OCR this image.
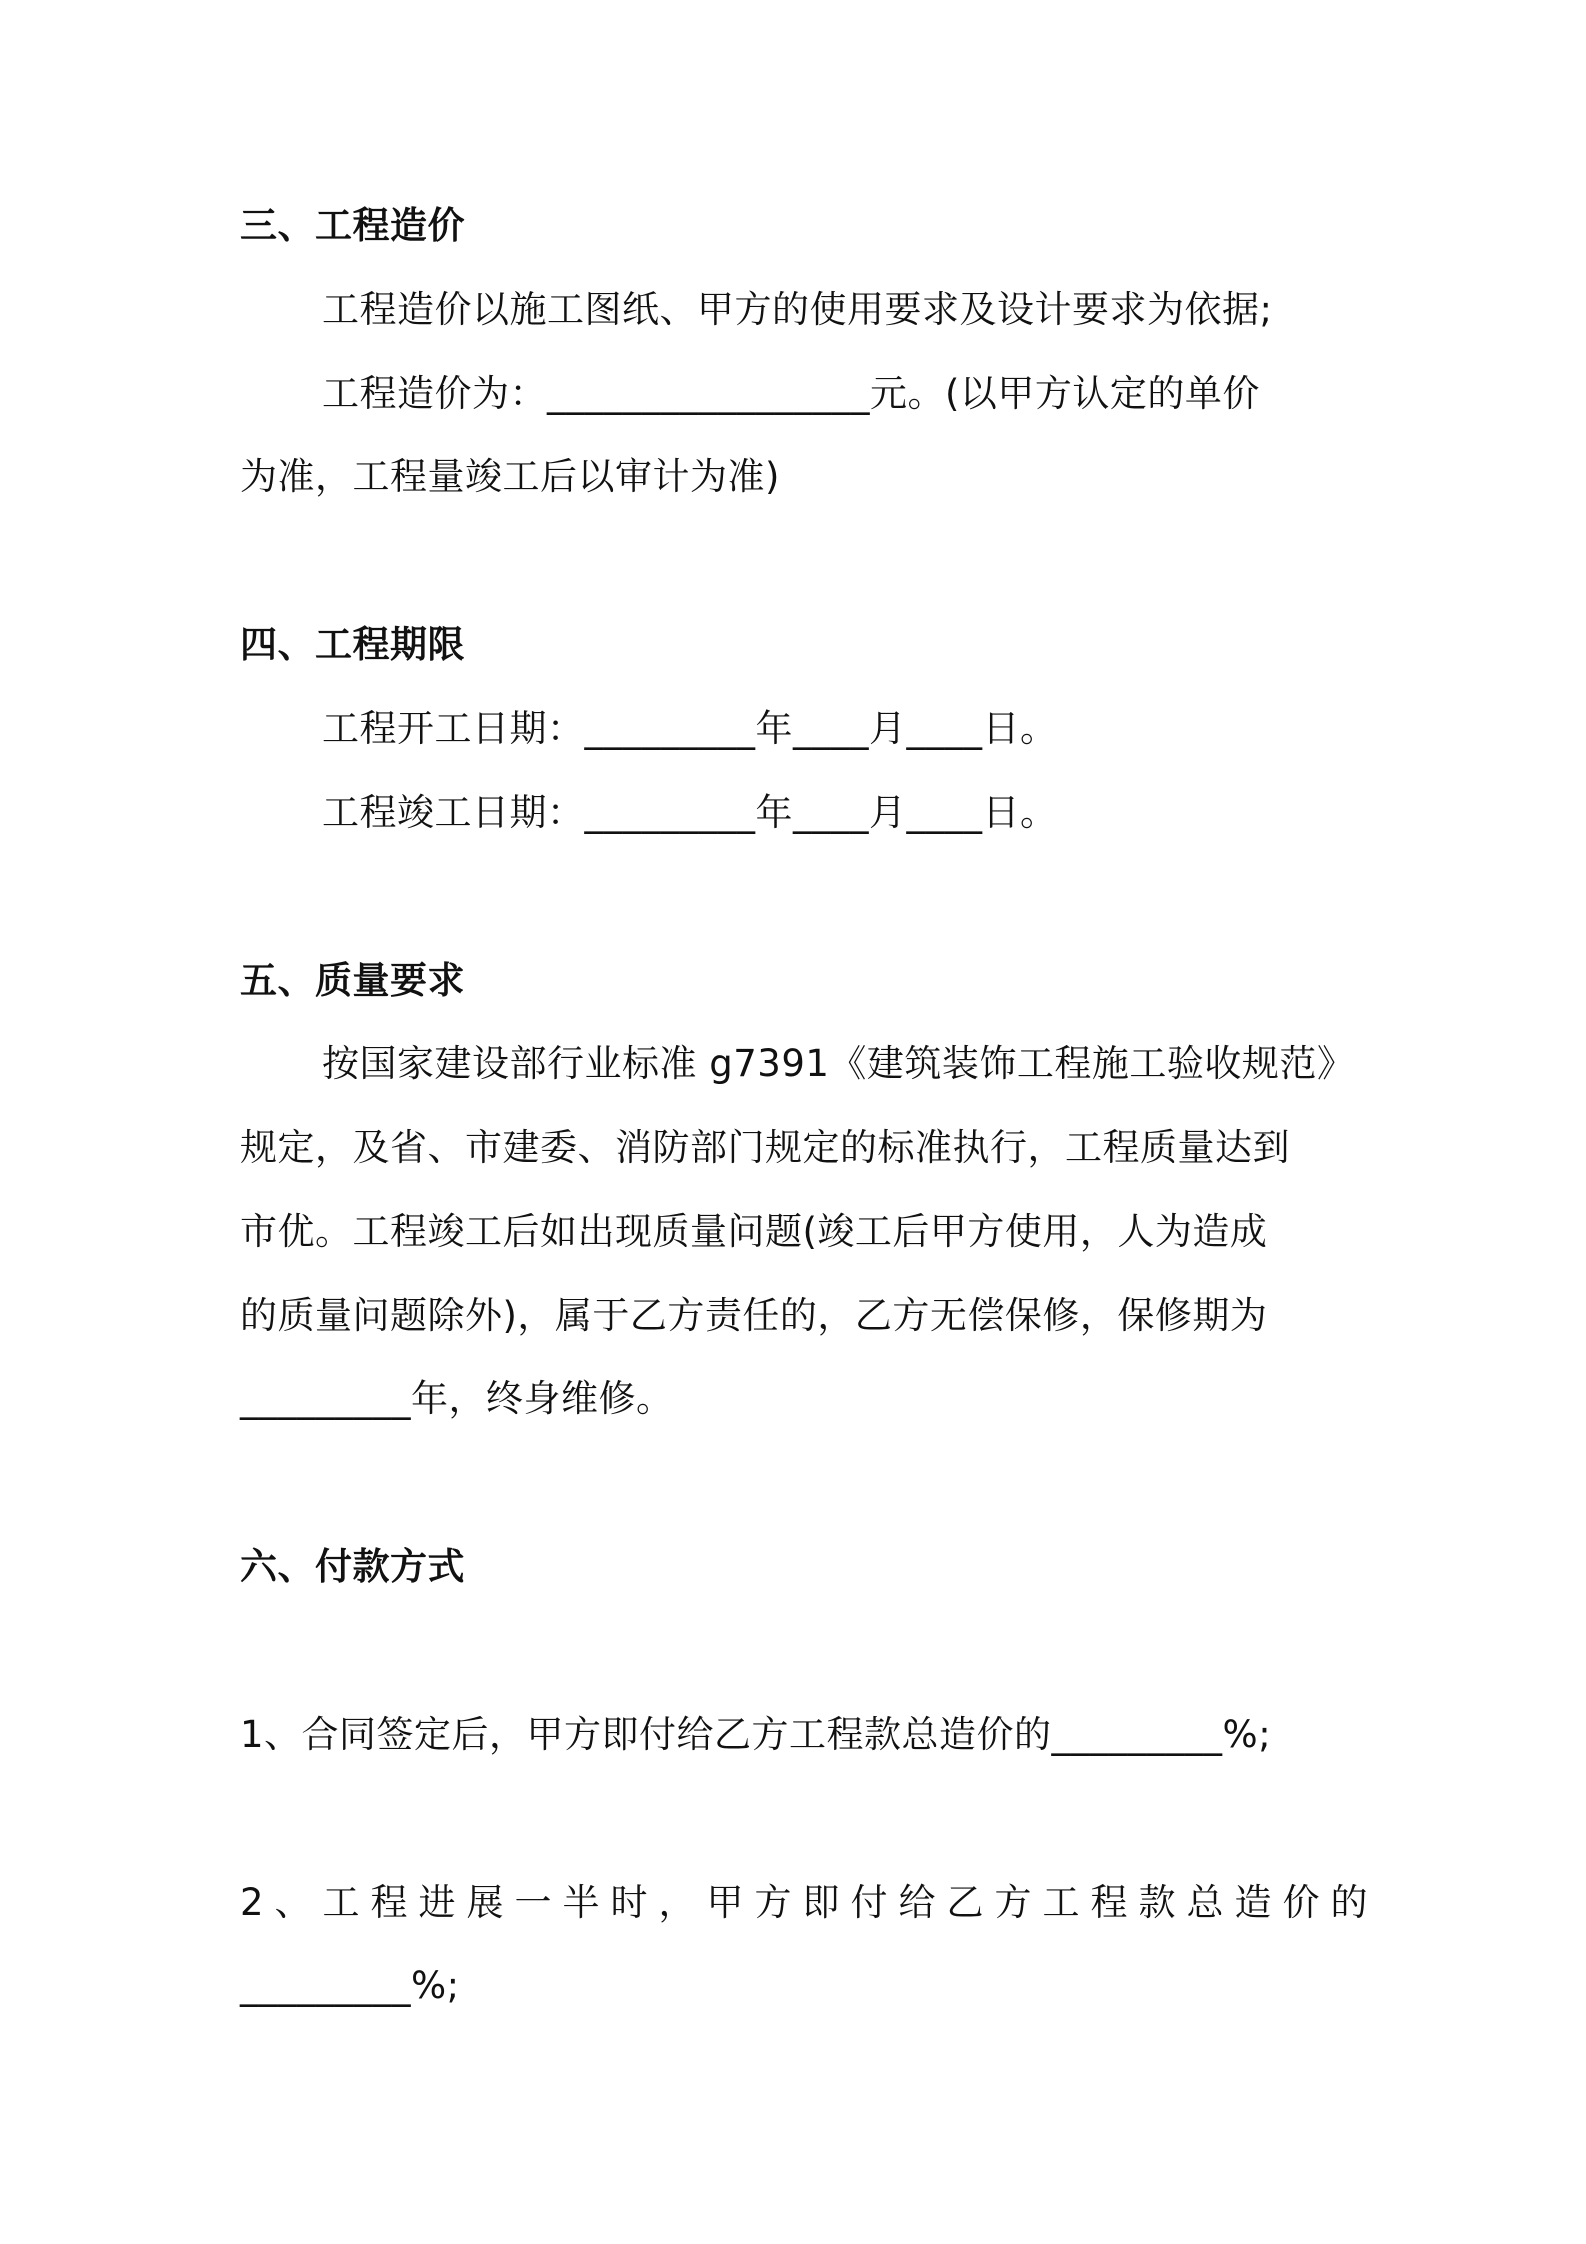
三、工程造价
工程造价以施工图纸、甲方的使用要求及设计要求为依据;
工程造价为：_________________元。(以甲方认定的单价
为准，工程量竣工后以审计为准)
四、工程期限
工程开工日期：_________年____月____日。
工程竣工日期：_________年____月____日。
五、质量要求
按国家建设部行业标准 g7391《建筑装饰工程施工验收规范》
规定，及省、市建委、消防部门规定的标准执行，工程质量达到
市优。工程竣工后如出现质量问题(竣工后甲方使用，人为造成
的质量问题除外)，属于乙方责任的，乙方无偿保修，保修期为
_________年，终身维修。
六、付款方式
1、合同签定后，甲方即付给乙方工程款总造价的_________%;
2、工程进展一半时，甲方即付给乙方工程款总造价的
_________%;
